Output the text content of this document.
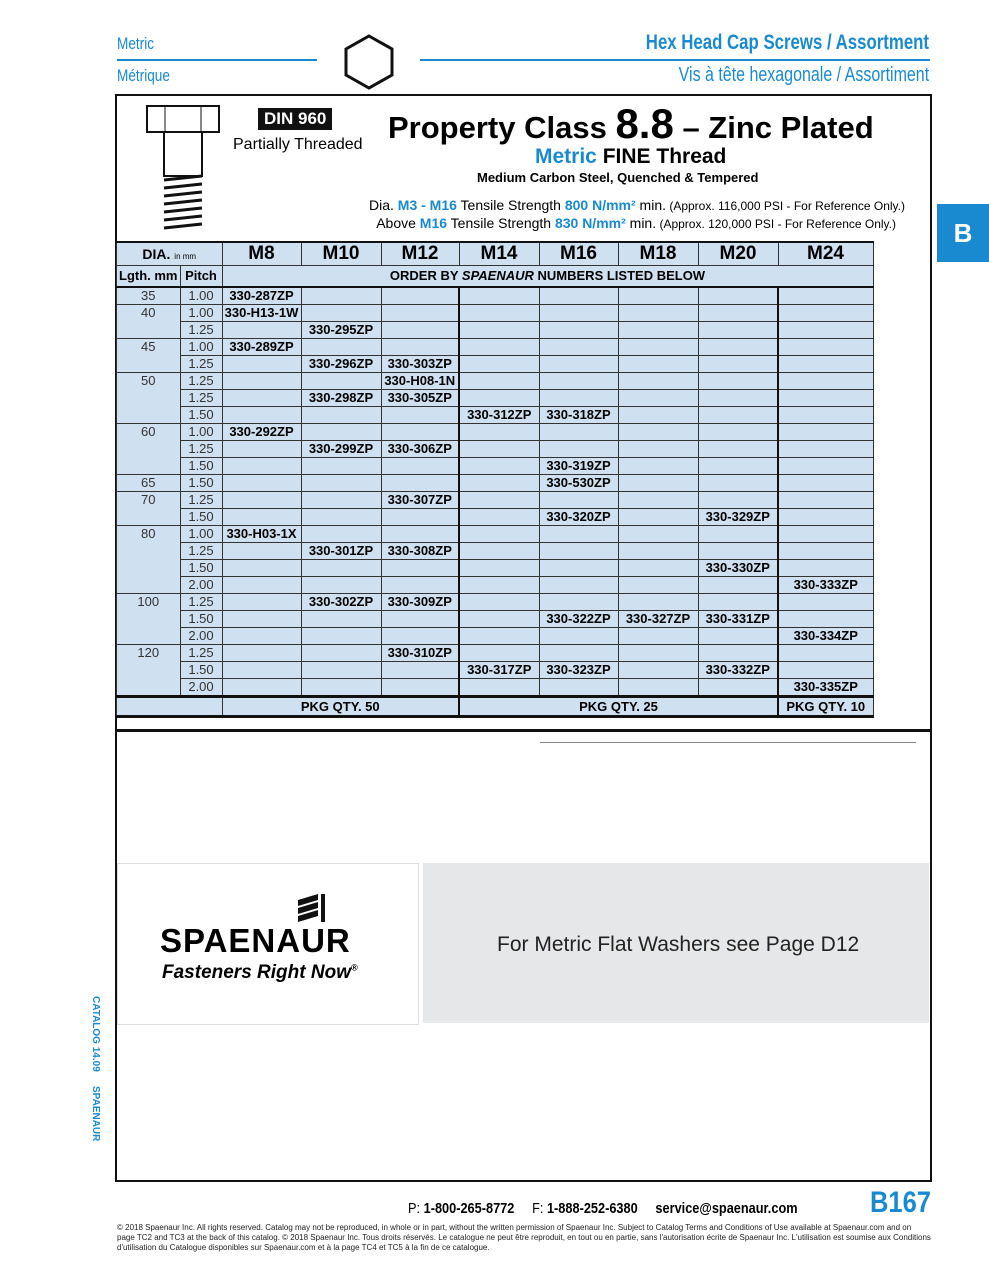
Metric
Métrique
Hex Head Cap Screws / Assortment
Vis à tête hexagonale / Assortiment
B
DIN 960
Partially Threaded Property Class 8.8 – Zinc Plated
Metric FINE Thread
Medium Carbon Steel, Quenched & Tempered
Dia. M3 - M16 Tensile Strength 800 N/mm² min. (Approx. 116,000 PSI - For Reference Only.)
Above M16 Tensile Strength 830 N/mm² min. (Approx. 120,000 PSI - For Reference Only.)
DIA. in mm		M8	M10	M12	M14	M16	M18	M20	M24
Lgth. mm	Pitch	ORDER BY SPAENAUR NUMBERS LISTED BELOW							
35	1.00	330-287ZP							
40	1.00	330-H13-1W							
	1.25		330-295ZP						
45	1.00	330-289ZP							
	1.25		330-296ZP	330-303ZP					
50	1.25			330-H08-1N					
	1.25		330-298ZP	330-305ZP					
	1.50				330-312ZP	330-318ZP			
60	1.00	330-292ZP							
	1.25		330-299ZP	330-306ZP					
	1.50					330-319ZP			
65	1.50					330-530ZP			
70	1.25			330-307ZP					
	1.50					330-320ZP		330-329ZP	
80	1.00	330-H03-1X							
	1.25		330-301ZP	330-308ZP					
	1.50							330-330ZP	
	2.00								330-333ZP
100	1.25		330-302ZP	330-309ZP					
	1.50					330-322ZP	330-327ZP	330-331ZP	
	2.00								330-334ZP
120	1.25			330-310ZP					
	1.50				330-317ZP	330-323ZP		330-332ZP	
	2.00								330-335ZP
		PKG QTY. 50			PKG QTY. 25				PKG QTY. 10
SPAENAUR
Fasteners Right Now®
For Metric Flat Washers see Page D12
CATALOG 14.09
SPAENAUR
P: 1-800-265-8772 F: 1-888-252-6380 service@spaenaur.com B167
© 2018 Spaenaur Inc. All rights reserved. Catalog may not be reproduced, in whole or in part, without the written permission of Spaenaur Inc. Subject to Catalog Terms and Conditions of Use available at Spaenaur.com and on page TC2 and TC3 at the back of this catalog. © 2018 Spaenaur Inc. Tous droits réservés. Le catalogue ne peut être reproduit, en tout ou en partie, sans l'autorisation écrite de Spaenaur Inc. L'utilisation est soumise aux Conditions d'utilisation du Catalogue disponibles sur Spaenaur.com et à la page TC4 et TC5 à la fin de ce catalogue.
